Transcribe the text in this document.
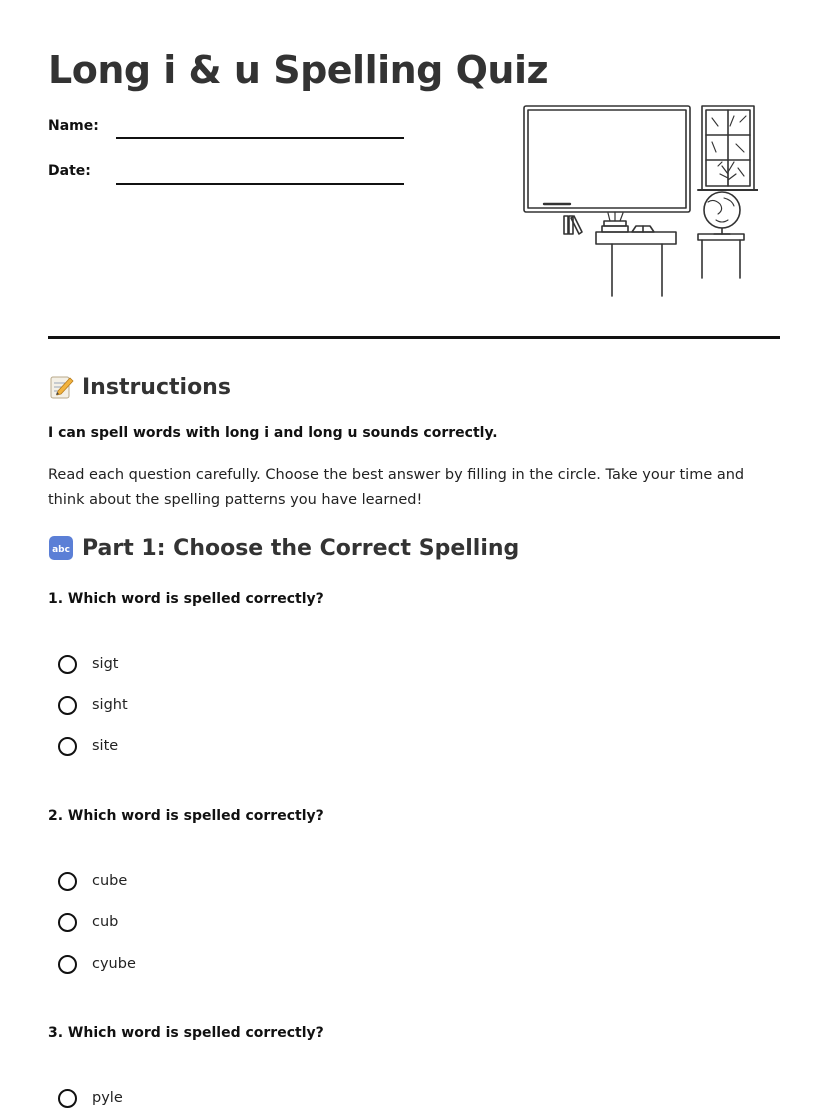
Long i & u Spelling Quiz
Name:
Date:
Instructions
I can spell words with long i and long u sounds correctly.
Read each question carefully. Choose the best answer by filling in the circle. Take your time and think about the spelling patterns you have learned!
abc Part 1: Choose the Correct Spelling
1. Which word is spelled correctly?
sigt
sight
site
2. Which word is spelled correctly?
cube
cub
cyube
3. Which word is spelled correctly?
pyle
